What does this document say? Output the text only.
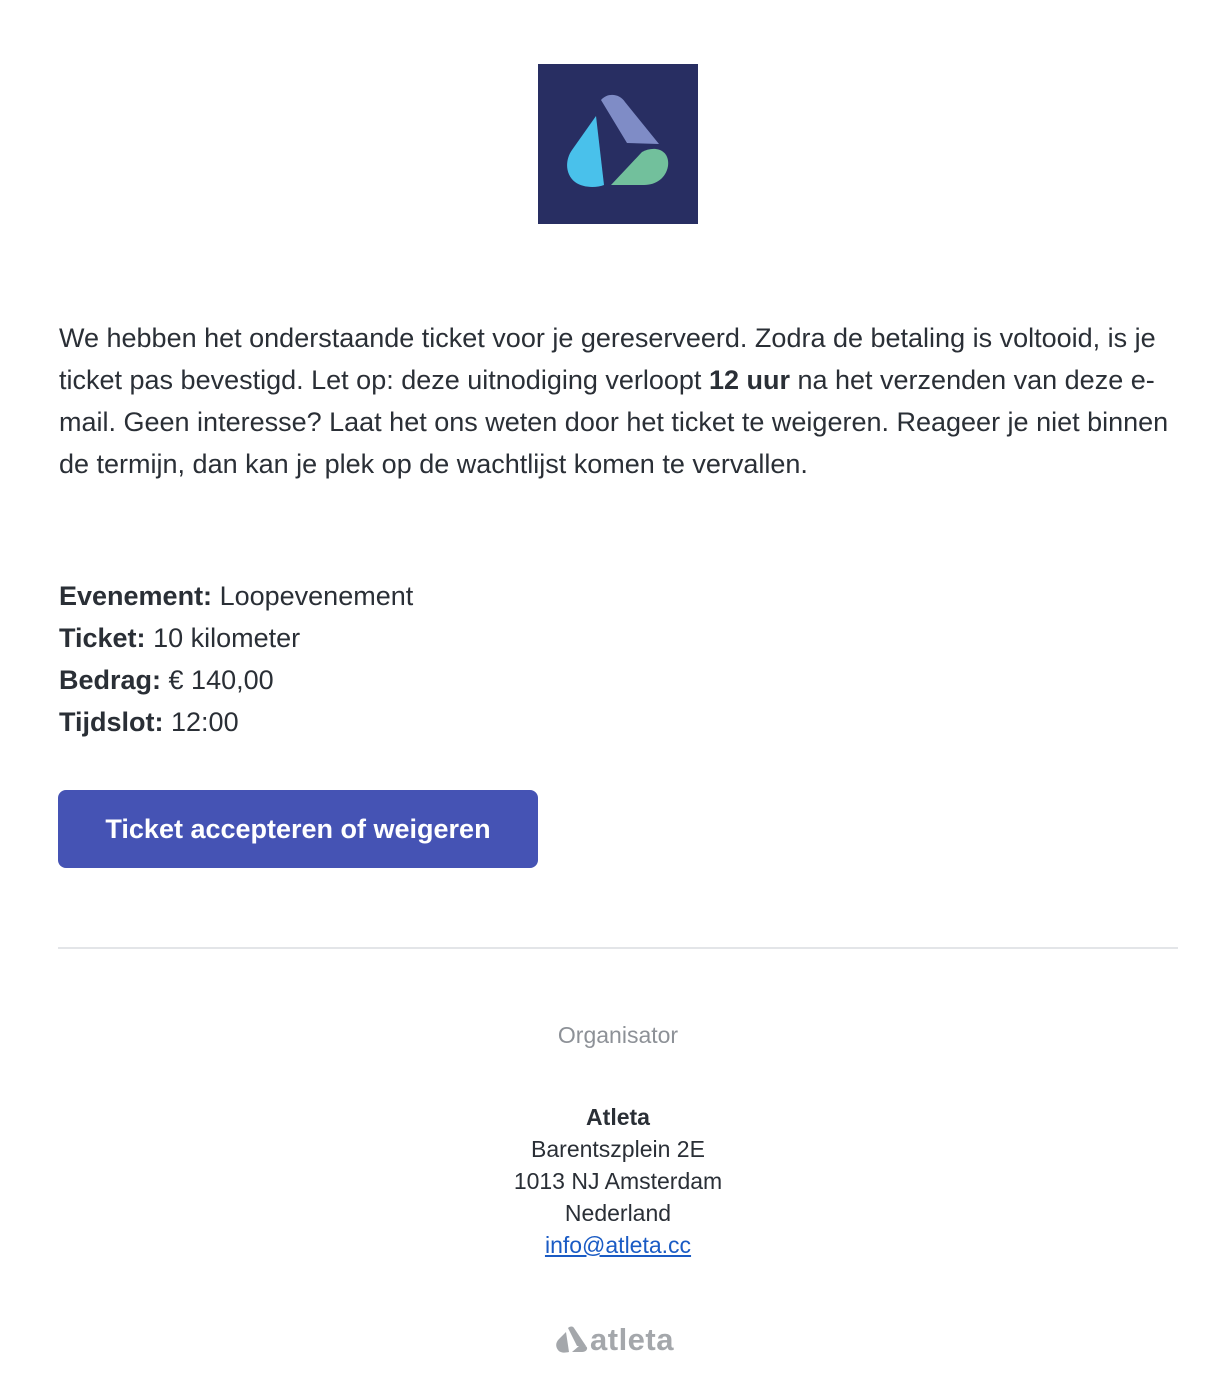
We hebben het onderstaande ticket voor je gereserveerd. Zodra de betaling is voltooid, is je ticket pas bevestigd. Let op: deze uitnodiging verloopt 12 uur na het verzenden van deze e-mail. Geen interesse? Laat het ons weten door het ticket te weigeren. Reageer je niet binnen de termijn, dan kan je plek op de wachtlijst komen te vervallen.

Evenement: Loopevenement
Ticket: 10 kilometer
Bedrag: € 140,00
Tijdslot: 12:00
Ticket accepteren of weigeren
Organisator
Atleta
Barentszplein 2E
1013 NJ Amsterdam
Nederland
info@atleta.cc
atleta
